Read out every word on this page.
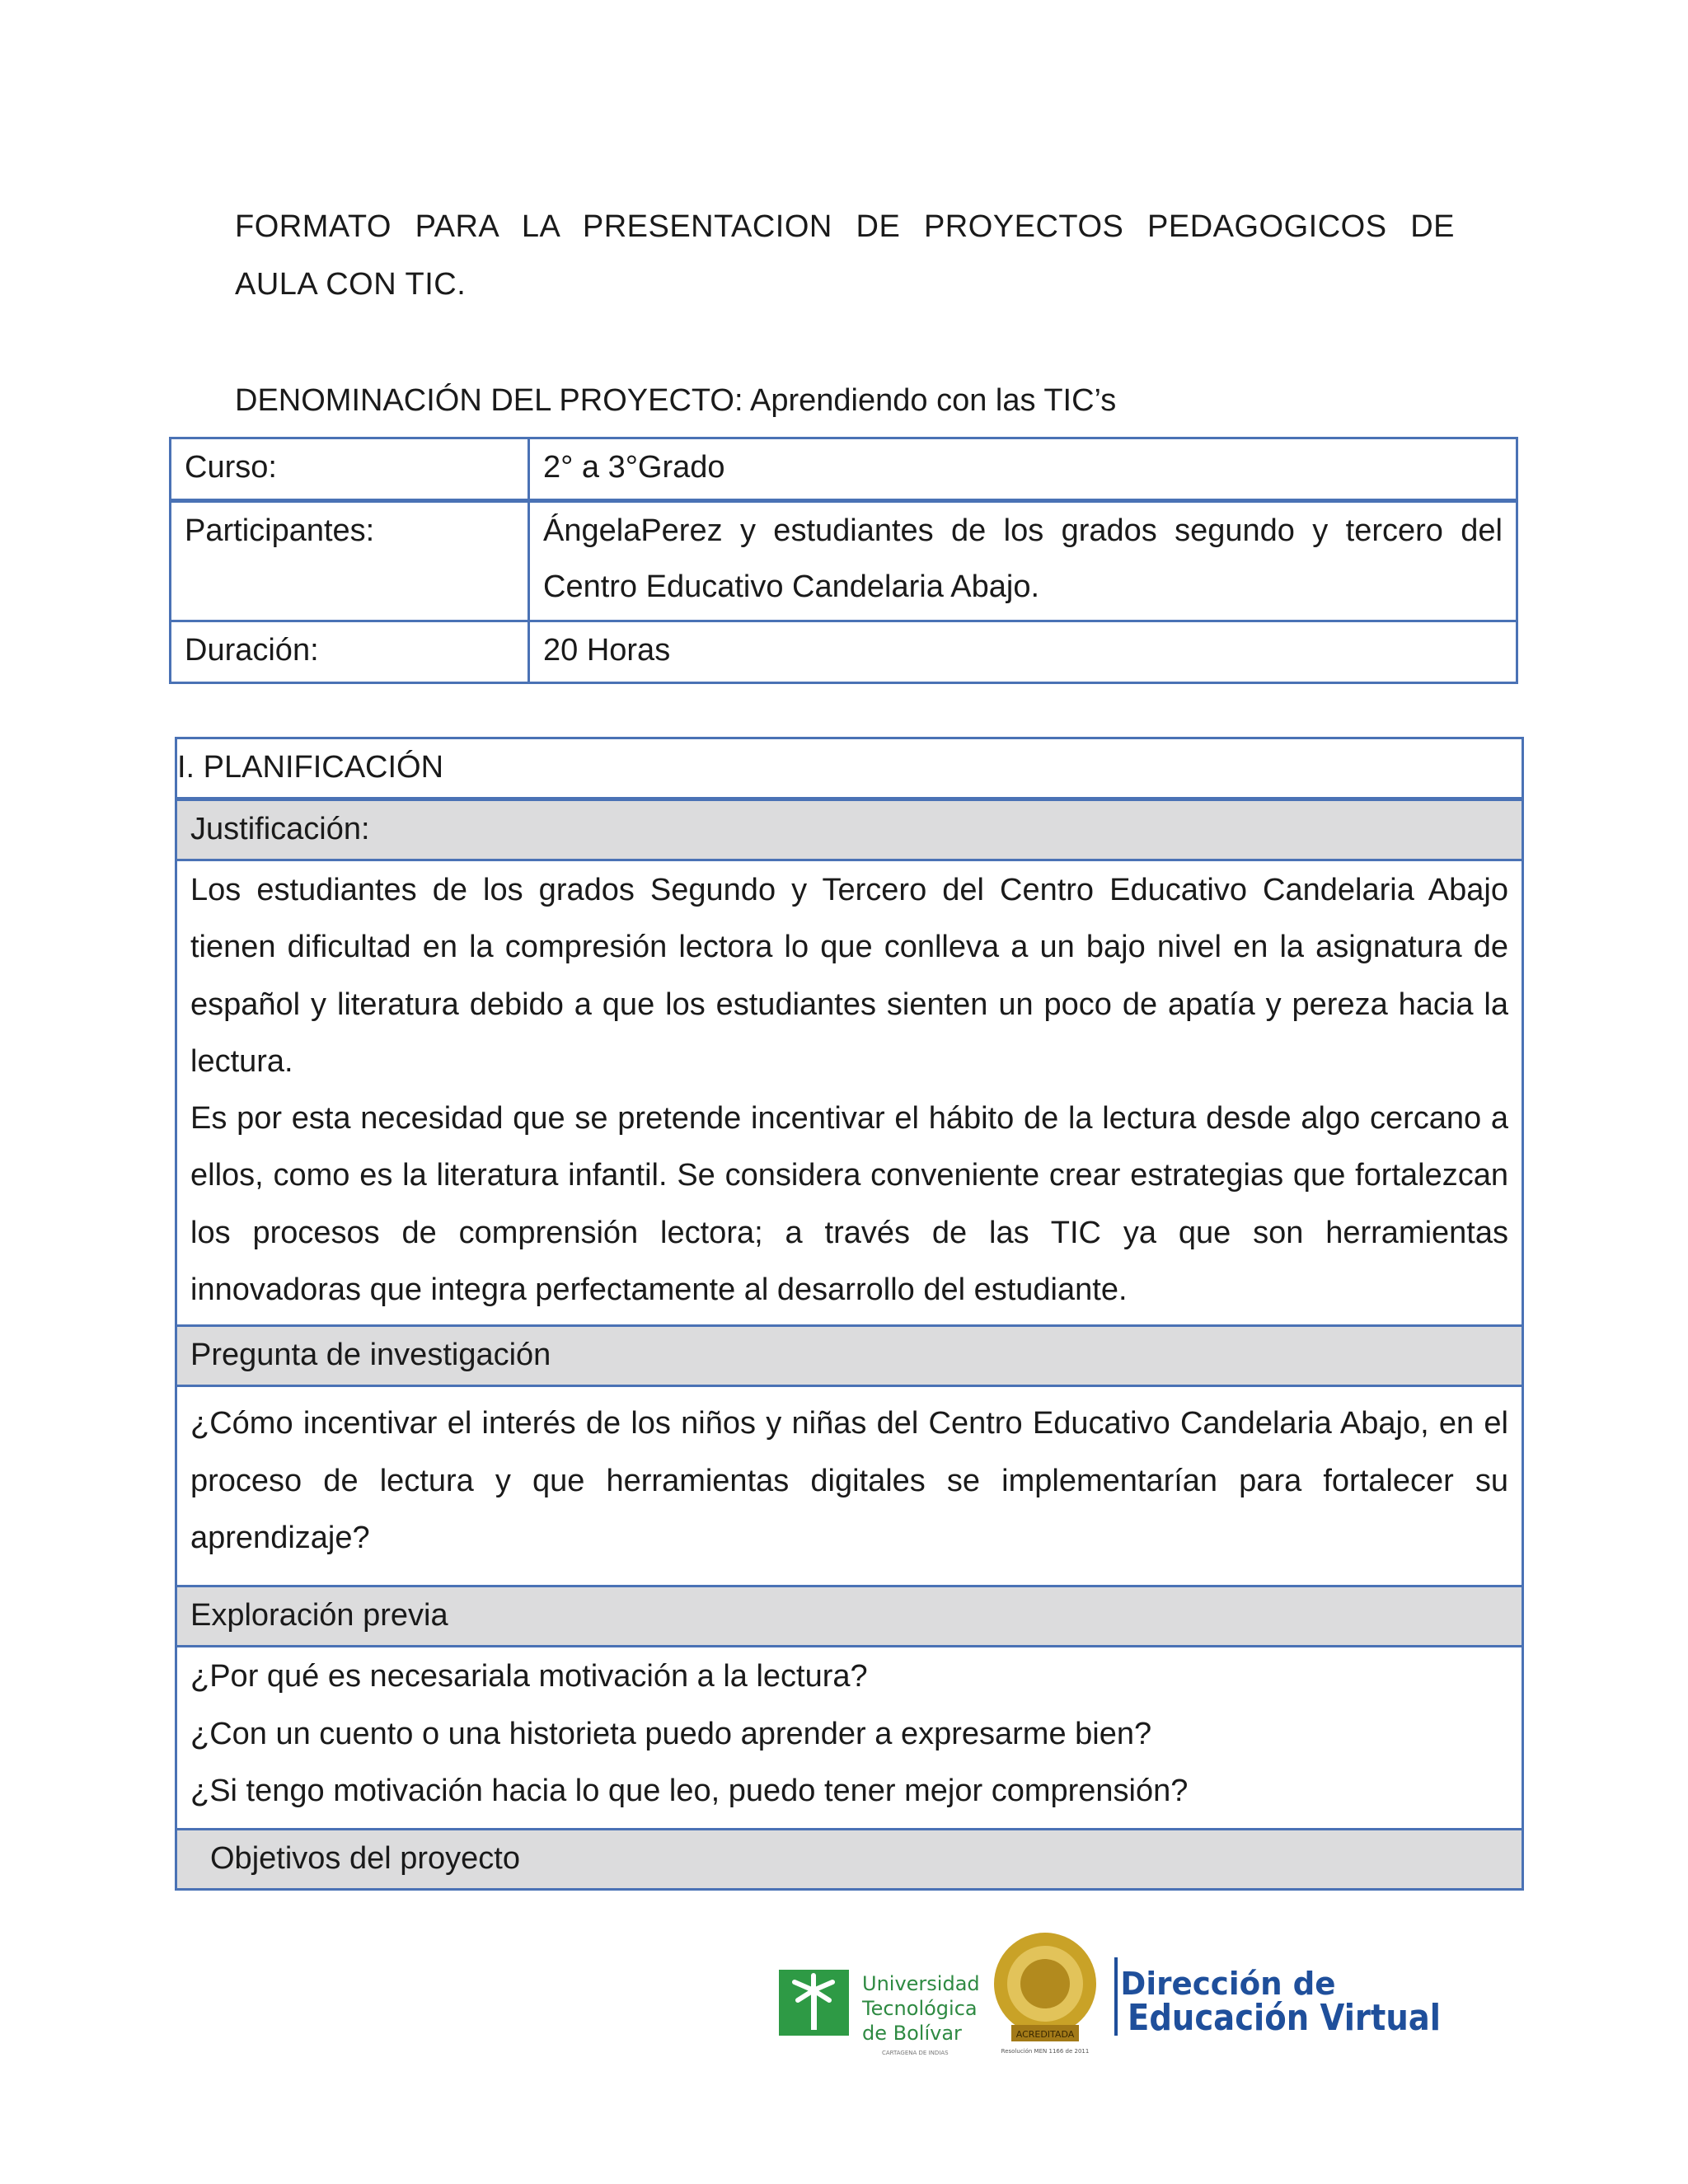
FORMATO PARA LA PRESENTACION DE PROYECTOS PEDAGOGICOS DE
AULA CON TIC.
DENOMINACIÓN DEL PROYECTO: Aprendiendo con las TIC’s
Curso:	2° a 3°Grado
Participantes:	ÁngelaPerez y estudiantes de los grados segundo y tercero del Centro Educativo Candelaria Abajo.
Duración:	20 Horas
I. PLANIFICACIÓN
Justificación:

Los estudiantes de los grados Segundo y Tercero del Centro Educativo Candelaria Abajo tienen dificultad en la compresión lectora lo que conlleva a un bajo nivel en la asignatura de español y literatura debido a que los estudiantes sienten un poco de apatía y pereza hacia la lectura.

Es por esta necesidad que se pretende incentivar el hábito de la lectura desde algo cercano a ellos, como es la literatura infantil. Se considera conveniente crear estrategias que fortalezcan los procesos de comprensión lectora; a través de las TIC ya que son herramientas innovadoras que integra perfectamente al desarrollo del estudiante.

Pregunta de investigación
¿Cómo incentivar el interés de los niños y niñas del Centro Educativo Candelaria Abajo, en el proceso de lectura y que herramientas digitales se implementarían para fortalecer su aprendizaje?
Exploración previa

¿Por qué es necesariala motivación a la lectura?

¿Con un cuento o una historieta puedo aprender a expresarme bien?

¿Si tengo motivación hacia lo que leo, puedo tener mejor comprensión?

Objetivos del proyecto
Universidad
Tecnológica
de Bolívar
CARTAGENA DE INDIAS
ACREDITADA
Resolución MEN 1166 de 2011
Dirección de
Educación Virtual
